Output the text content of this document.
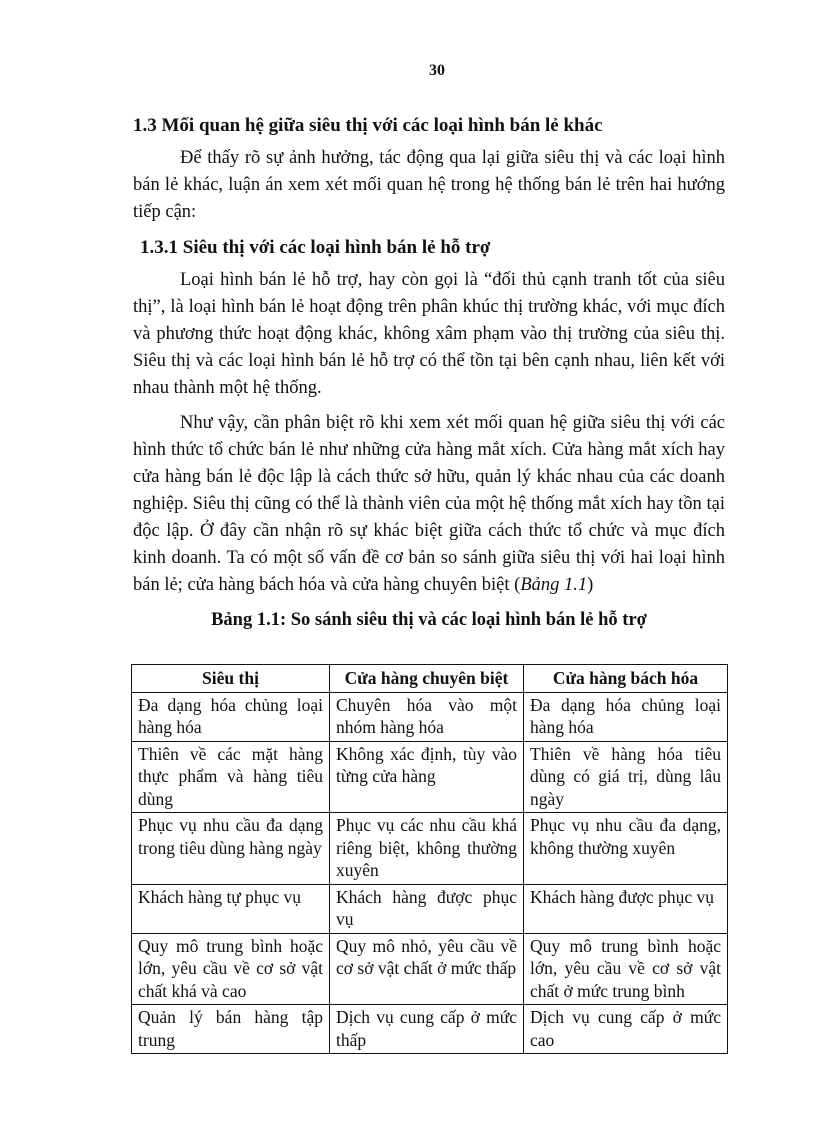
30
1.3 Mối quan hệ giữa siêu thị với các loại hình bán lẻ khác

Để thấy rõ sự ảnh hưởng, tác động qua lại giữa siêu thị và các loại hình bán lẻ khác, luận án xem xét mối quan hệ trong hệ thống bán lẻ trên hai hướng tiếp cận:

1.3.1 Siêu thị với các loại hình bán lẻ hỗ trợ

Loại hình bán lẻ hỗ trợ, hay còn gọi là “đối thủ cạnh tranh tốt của siêu thị”, là loại hình bán lẻ hoạt động trên phân khúc thị trường khác, với mục đích và phương thức hoạt động khác, không xâm phạm vào thị trường của siêu thị. Siêu thị và các loại hình bán lẻ hỗ trợ có thể tồn tại bên cạnh nhau, liên kết với nhau thành một hệ thống.

Như vậy, cần phân biệt rõ khi xem xét mối quan hệ giữa siêu thị với các hình thức tổ chức bán lẻ như những cửa hàng mắt xích. Cửa hàng mắt xích hay cửa hàng bán lẻ độc lập là cách thức sở hữu, quản lý khác nhau của các doanh nghiệp. Siêu thị cũng có thể là thành viên của một hệ thống mắt xích hay tồn tại độc lập. Ở đây cần nhận rõ sự khác biệt giữa cách thức tổ chức và mục đích kinh doanh. Ta có một số vấn đề cơ bản so sánh giữa siêu thị với hai loại hình bán lẻ; cửa hàng bách hóa và cửa hàng chuyên biệt (Bảng 1.1)

Bảng 1.1: So sánh siêu thị và các loại hình bán lẻ hỗ trợ
Siêu thị	Cửa hàng chuyên biệt	Cửa hàng bách hóa
Đa dạng hóa chủng loại hàng hóa	Chuyên hóa vào một nhóm hàng hóa	Đa dạng hóa chủng loại hàng hóa
Thiên về các mặt hàng thực phẩm và hàng tiêu dùng	Không xác định, tùy vào từng cửa hàng	Thiên về hàng hóa tiêu dùng có giá trị, dùng lâu ngày
Phục vụ nhu cầu đa dạng trong tiêu dùng hàng ngày	Phục vụ các nhu cầu khá riêng biệt, không thường xuyên	Phục vụ nhu cầu đa dạng, không thường xuyên
Khách hàng tự phục vụ	Khách hàng được phục vụ	Khách hàng được phục vụ
Quy mô trung bình hoặc lớn, yêu cầu về cơ sở vật chất khá và cao	Quy mô nhỏ, yêu cầu về cơ sở vật chất ở mức thấp	Quy mô trung bình hoặc lớn, yêu cầu về cơ sở vật chất ở mức trung bình
Quản lý bán hàng tập trung	Dịch vụ cung cấp ở mức thấp	Dịch vụ cung cấp ở mức cao
